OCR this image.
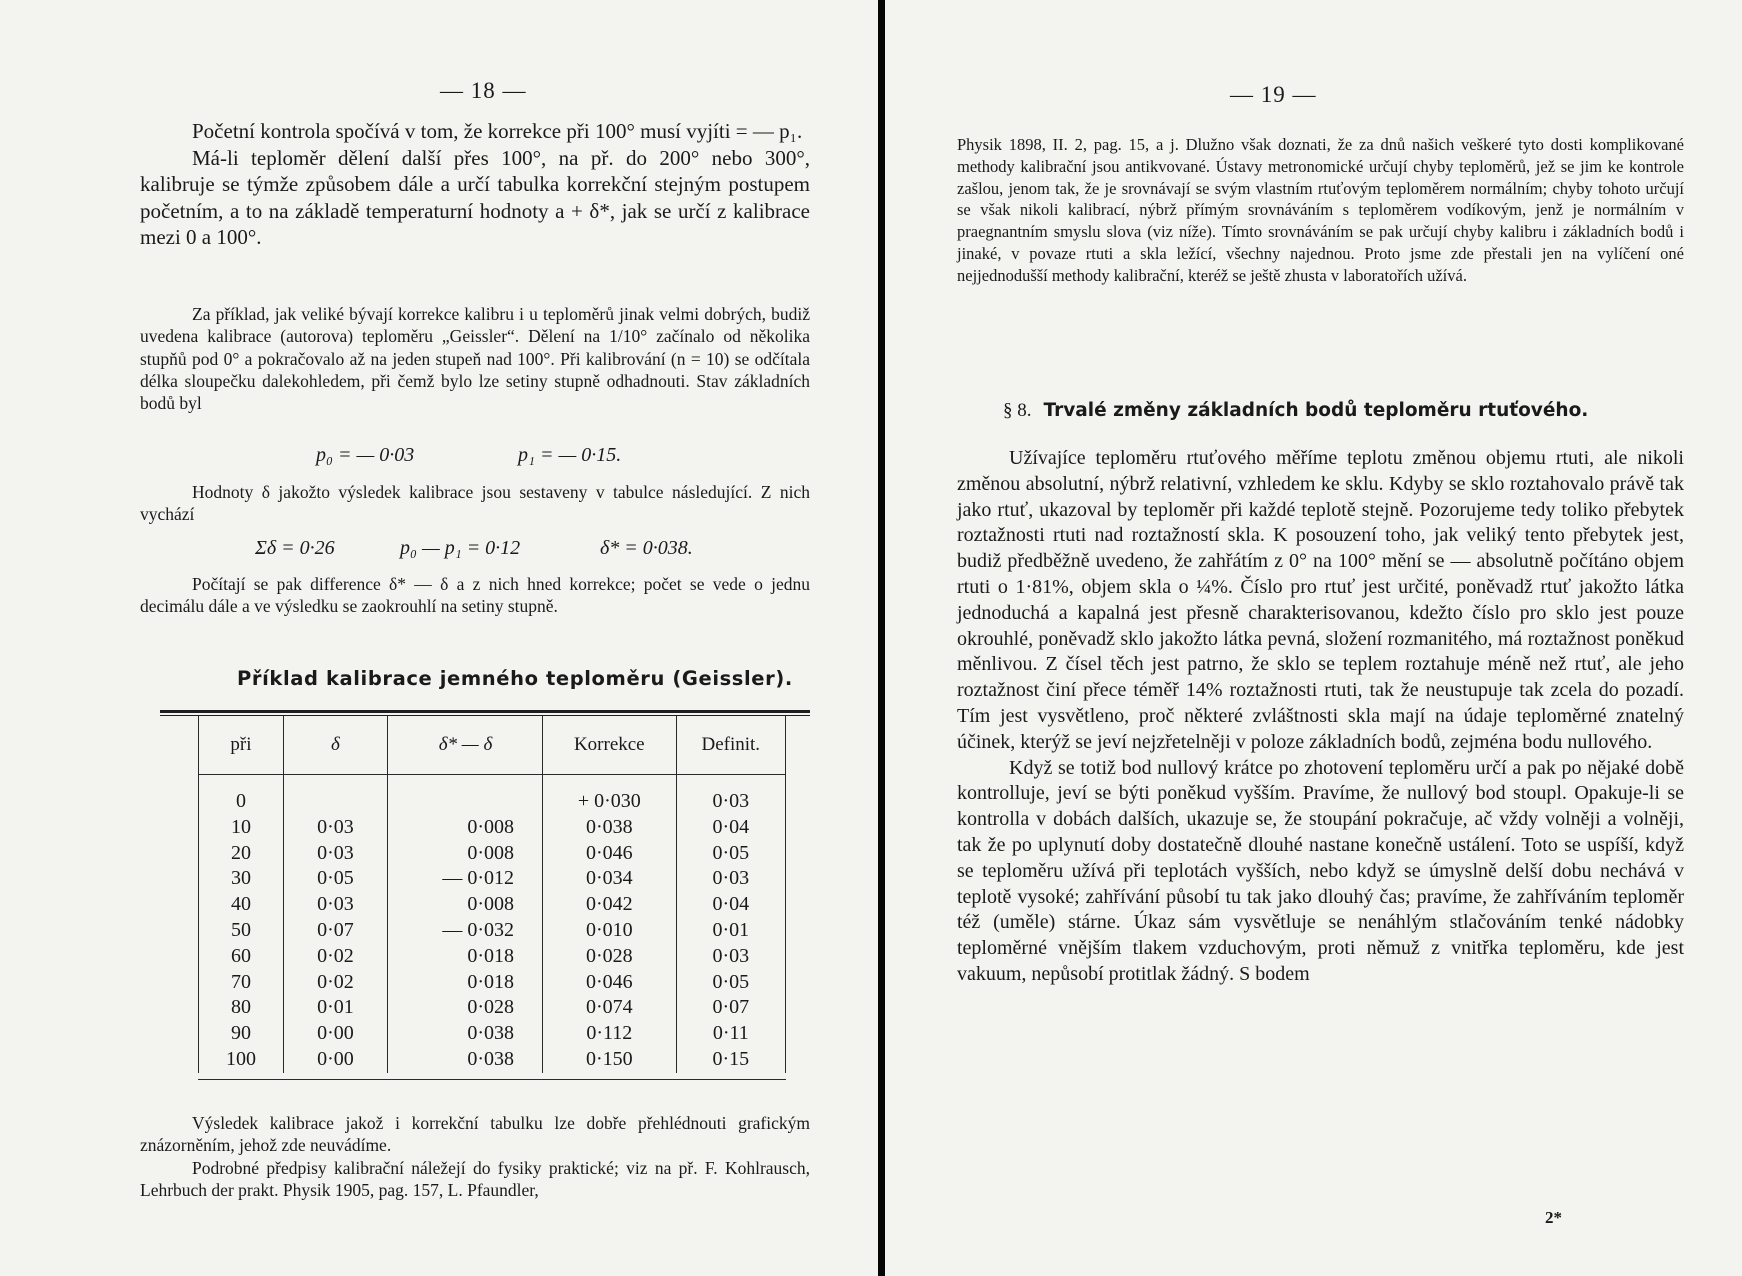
— 18 —

Početní kontrola spočívá v tom, že korrekce při 100° musí vyjíti = — p₁.

Má-li teploměr dělení další přes 100°, na př. do 200° nebo 300°, kalibruje se týmže způsobem dále a určí tabulka korrekční stejným postupem početním, a to na základě temperaturní hodnoty a + δ*, jak se určí z kalibrace mezi 0 a 100°.

Za příklad, jak veliké bývají korrekce kalibru i u teploměrů jinak velmi dobrých, budiž uvedena kalibrace (autorova) teploměru „Geissler“. Dělení na 1/10° začínalo od několika stupňů pod 0° a pokračovalo až na jeden stupeň nad 100°. Při kalibrování (n = 10) se odčítala délka sloupečku dalekohledem, při čemž bylo lze setiny stupně odhadnouti. Stav základních bodů byl

p₀ = — 0·03	p₁ = — 0·15.

Hodnoty δ jakožto výsledek kalibrace jsou sestaveny v tabulce následující. Z nich vychází

Σδ = 0·26	p₀ — p₁ = 0·12	δ* = 0·038.

Počítají se pak difference δ* — δ a z nich hned korrekce; počet se vede o jednu decimálu dále a ve výsledku se zaokrouhlí na setiny stupně.

Příklad kalibrace jemného teploměru (Geissler).
při	δ	δ* — δ	Korrekce	Definit.

0			+ 0·030	0·03
10	0·03	0·008	0·038	0·04
20	0·03	0·008	0·046	0·05
30	0·05	— 0·012	0·034	0·03
40	0·03	0·008	0·042	0·04
50	0·07	— 0·032	0·010	0·01
60	0·02	0·018	0·028	0·03
70	0·02	0·018	0·046	0·05
80	0·01	0·028	0·074	0·07
90	0·00	0·038	0·112	0·11
100	0·00	0·038	0·150	0·15

Výsledek kalibrace jakož i korrekční tabulku lze dobře přehlédnouti grafickým znázorněním, jehož zde neuvádíme.

Podrobné předpisy kalibrační náležejí do fysiky praktické; viz na př. F. Kohlrausch, Lehrbuch der prakt. Physik 1905, pag. 157, L. Pfaundler,

— 19 —

Physik 1898, II. 2, pag. 15, a j. Dlužno však doznati, že za dnů našich veškeré tyto dosti komplikované methody kalibrační jsou antikvované. Ústavy metronomické určují chyby teploměrů, jež se jim ke kontrole zašlou, jenom tak, že je srovnávají se svým vlastním rtuťovým teploměrem normálním; chyby tohoto určují se však nikoli kalibrací, nýbrž přímým srovnáváním s teploměrem vodíkovým, jenž je normálním v praegnantním smyslu slova (viz níže). Tímto srovnáváním se pak určují chyby kalibru i základních bodů i jinaké, v povaze rtuti a skla ležící, všechny najednou. Proto jsme zde přestali jen na vylíčení oné nejjednodušší methody kalibrační, kteréž se ještě zhusta v laboratořích užívá.

§ 8. Trvalé změny základních bodů teploměru rtuťového.

Užívajíce teploměru rtuťového měříme teplotu změnou objemu rtuti, ale nikoli změnou absolutní, nýbrž relativní, vzhledem ke sklu. Kdyby se sklo roztahovalo právě tak jako rtuť, ukazoval by teploměr při každé teplotě stejně. Pozorujeme tedy toliko přebytek roztažnosti rtuti nad roztažností skla. K posouzení toho, jak veliký tento přebytek jest, budiž předběžně uvedeno, že zahřátím z 0° na 100° mění se — absolutně počítáno objem rtuti o 1·81%, objem skla o ¼%. Číslo pro rtuť jest určité, poněvadž rtuť jakožto látka jednoduchá a kapalná jest přesně charakterisovanou, kdežto číslo pro sklo jest pouze okrouhlé, poněvadž sklo jakožto látka pevná, složení rozmanitého, má roztažnost poněkud měnlivou. Z čísel těch jest patrno, že sklo se teplem roztahuje méně než rtuť, ale jeho roztažnost činí přece téměř 14% roztažnosti rtuti, tak že neustupuje tak zcela do pozadí. Tím jest vysvětleno, proč některé zvláštnosti skla mají na údaje teploměrné znatelný účinek, kterýž se jeví nejzřetelněji v poloze základních bodů, zejména bodu nullového.

Když se totiž bod nullový krátce po zhotovení teploměru určí a pak po nějaké době kontrolluje, jeví se býti poněkud vyšším. Pravíme, že nullový bod stoupl. Opakuje-li se kontrolla v dobách dalších, ukazuje se, že stoupání pokračuje, ač vždy volněji a volněji, tak že po uplynutí doby dostatečně dlouhé nastane konečně ustálení. Toto se uspíší, když se teploměru užívá při teplotách vyšších, nebo když se úmyslně delší dobu nechává v teplotě vysoké; zahřívání působí tu tak jako dlouhý čas; pravíme, že zahříváním teploměr též (uměle) stárne. Úkaz sám vysvětluje se nenáhlým stlačováním tenké nádobky teploměrné vnějším tlakem vzduchovým, proti němuž z vnitřka teploměru, kde jest vakuum, nepůsobí protitlak žádný. S bodem

2*
